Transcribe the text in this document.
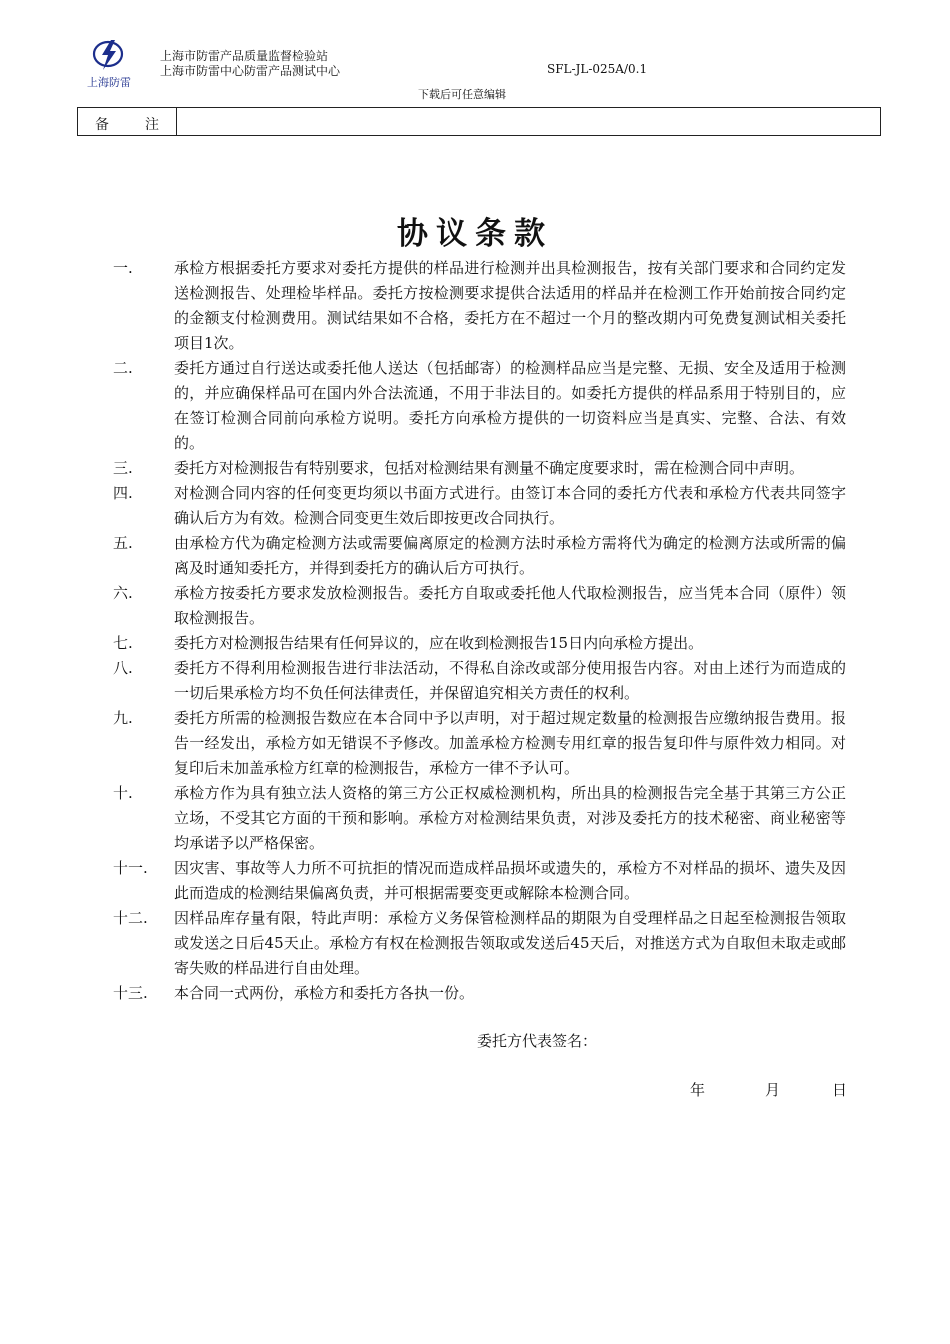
上海防雷
上海市防雷产品质量监督检验站
上海市防雷中心防雷产品测试中心	SFL-JL-025A/0.1
下载后可任意编辑
备	注
协议条款
一.	承检方根据委托方要求对委托方提供的样品进行检测并出具检测报告，按有关部门要求和合同约定发送检测报告、处理检毕样品。委托方按检测要求提供合法适用的样品并在检测工作开始前按合同约定的金额支付检测费用。测试结果如不合格，委托方在不超过一个月的整改期内可免费复测试相关委托项目1次。
二.	委托方通过自行送达或委托他人送达（包括邮寄）的检测样品应当是完整、无损、安全及适用于检测的，并应确保样品可在国内外合法流通，不用于非法目的。如委托方提供的样品系用于特别目的，应在签订检测合同前向承检方说明。委托方向承检方提供的一切资料应当是真实、完整、合法、有效的。
三.	委托方对检测报告有特别要求，包括对检测结果有测量不确定度要求时，需在检测合同中声明。
四.	对检测合同内容的任何变更均须以书面方式进行。由签订本合同的委托方代表和承检方代表共同签字确认后方为有效。检测合同变更生效后即按更改合同执行。
五.	由承检方代为确定检测方法或需要偏离原定的检测方法时承检方需将代为确定的检测方法或所需的偏离及时通知委托方，并得到委托方的确认后方可执行。
六.	承检方按委托方要求发放检测报告。委托方自取或委托他人代取检测报告，应当凭本合同（原件）领取检测报告。
七.	委托方对检测报告结果有任何异议的，应在收到检测报告15日内向承检方提出。
八.	委托方不得利用检测报告进行非法活动，不得私自涂改或部分使用报告内容。对由上述行为而造成的一切后果承检方均不负任何法律责任，并保留追究相关方责任的权利。
九.	委托方所需的检测报告数应在本合同中予以声明，对于超过规定数量的检测报告应缴纳报告费用。报告一经发出，承检方如无错误不予修改。加盖承检方检测专用红章的报告复印件与原件效力相同。对复印后未加盖承检方红章的检测报告，承检方一律不予认可。
十.	承检方作为具有独立法人资格的第三方公正权威检测机构，所出具的检测报告完全基于其第三方公正立场，不受其它方面的干预和影响。承检方对检测结果负责，对涉及委托方的技术秘密、商业秘密等均承诺予以严格保密。
十一. 因灾害、事故等人力所不可抗拒的情况而造成样品损坏或遗失的，承检方不对样品的损坏、遗失及因此而造成的检测结果偏离负责，并可根据需要变更或解除本检测合同。
十二. 因样品库存量有限，特此声明：承检方义务保管检测样品的期限为自受理样品之日起至检测报告领取或发送之日后45天止。承检方有权在检测报告领取或发送后45天后，对推送方式为自取但未取走或邮寄失败的样品进行自由处理。
十三. 本合同一式两份，承检方和委托方各执一份。
委托方代表签名：
年	月	日
